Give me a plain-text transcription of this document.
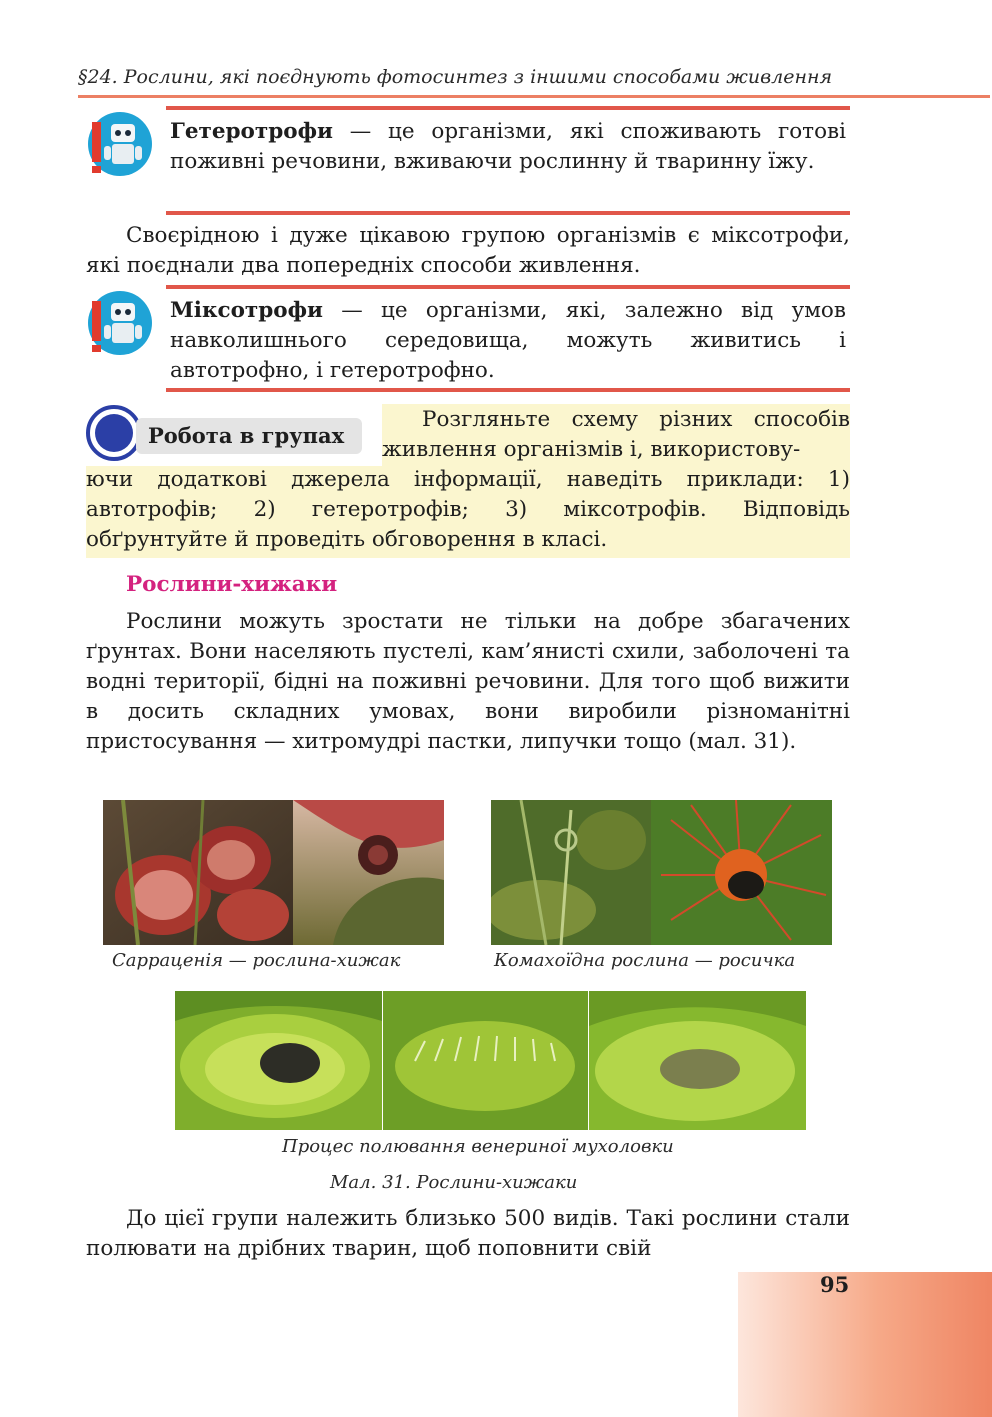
§24. Рослини, які поєднують фотосинтез з іншими способами живлення
Гетеротрофи — це організми, які споживають готові поживні речовини, вживаючи рослинну й тваринну їжу.
Своєрідною і дуже цікавою групою організмів є міксотрофи, які поєднали два попередніх способи живлення.
Міксотрофи — це організми, які, залежно від умов навколишнього середовища, можуть живитись і автотрофно, і гетеротрофно.
Робота в групах
Розгляньте схему різних способів живлення організмів і, використову-
ючи додаткові джерела інформації, наведіть приклади: 1) автотрофів; 2) гетеротрофів; 3) міксотрофів. Відповідь обґрунтуйте й проведіть обговорення в класі.
Рослини-хижаки
Рослини можуть зростати не тільки на добре збагачених ґрунтах. Вони населяють пустелі, кам’янисті схили, заболочені та водні території, бідні на поживні речовини. Для того щоб вижити в досить складних умовах, вони виробили різноманітні пристосування — хитромудрі пастки, липучки тощо (мал. 31).
Сарраценія — рослина-хижак	Комахоїдна рослина — росичка
Процес полювання венериної мухоловки
Мал. 31. Рослини-хижаки
До цієї групи належить близько 500 видів. Такі рослини стали полювати на дрібних тварин, щоб поповнити свій
95
